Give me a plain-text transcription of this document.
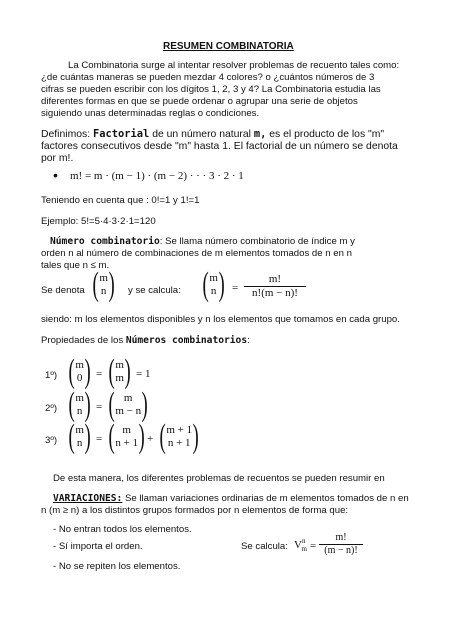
RESUMEN COMBINATORIA
La Combinatoria surge al intentar resolver problemas de recuento tales como:
¿de cuántas maneras se pueden mezdar 4 colores? o ¿cuántos números de 3
cifras se pueden escribir con los dígitos 1, 2, 3 y 4? La Combinatoria estudia las
diferentes formas en que se puede ordenar o agrupar una serie de objetos
siguiendo unas determinadas reglas o condiciones.
Definimos: Factorial de un número natural m, es el producto de los "m"
factores consecutivos desde "m" hasta 1. El factorial de un número se denota
por m!.
• m! = m · (m − 1) · (m − 2) · · · 3 · 2 · 1
Teniendo en cuenta que : 0!=1 y 1!=1
Ejemplo: 5!=5·4·3·2·1=120
Número combinatorio: Se llama número combinatorio de índice m y
orden n al número de combinaciones de m elementos tomados de n en n
tales que n ≤ m.
Se denota ( m
n ) y se calcula: ( m
n ) =
m!
n!(m − n)!
siendo: m los elementos disponibles y n los elementos que tomamos en cada grupo.
Propiedades de los Números combinatorios:
1º) ( m
0 ) = ( m
m ) = 1
2º) ( m
n ) = ( m
m − n )
3º) ( m
n ) = ( m
n + 1 ) + ( m + 1
n + 1 )
De esta manera, los diferentes problemas de recuentos se pueden resumir en
VARIACIONES: Se llaman variaciones ordinarias de m elementos tomados de n en
n (m ≥ n) a los distintos grupos formados por n elementos de forma que:
- No entran todos los elementos.
- Sí importa el orden.
- No se repiten los elementos.
Se calcula: $V^n_m$ =
m!
(m − n)!
